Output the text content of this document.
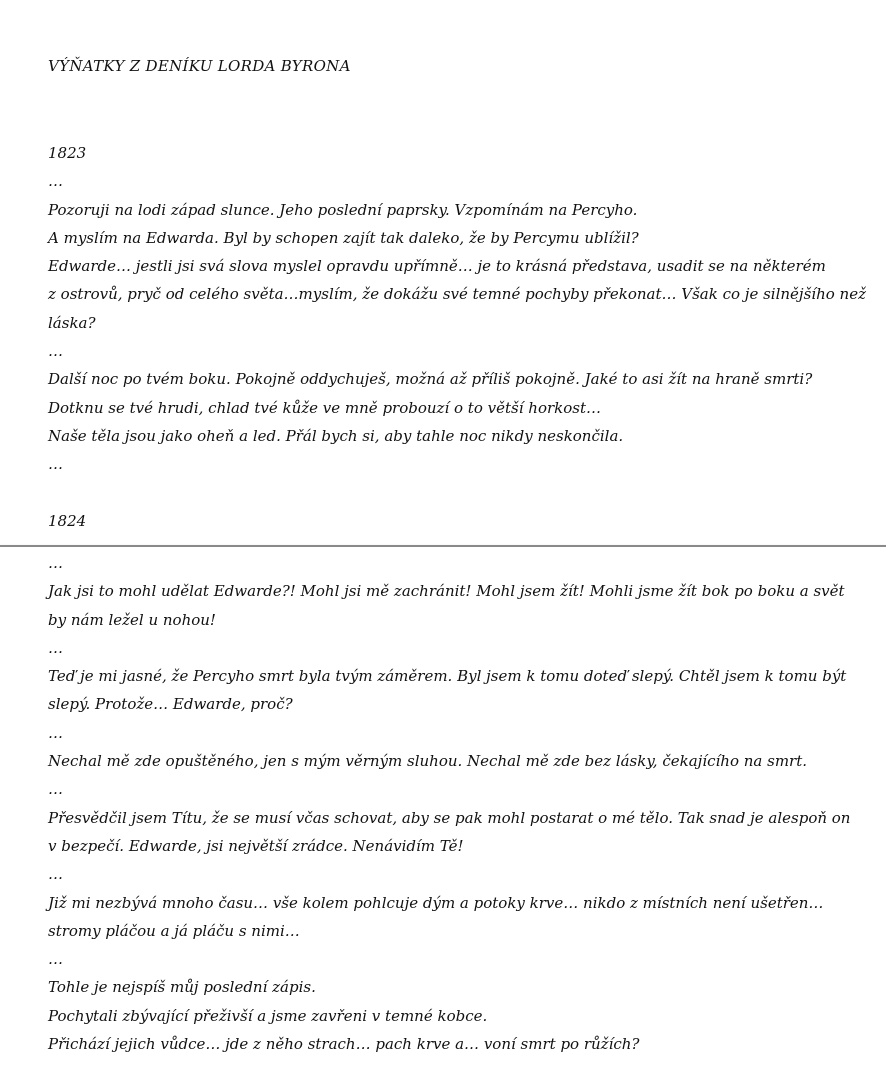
VÝŇATKY Z DENÍKU LORDA BYRONA
1823
…
Pozoruji na lodi západ slunce. Jeho poslední paprsky. Vzpomínám na Percyho.
A myslím na Edwarda. Byl by schopen zajít tak daleko, že by Percymu ublížil?
Edwarde… jestli jsi svá slova myslel opravdu upřímně… je to krásná představa, usadit se na některém
z ostrovů, pryč od celého světa…myslím, že dokážu své temné pochyby překonat… Však co je silnějšího než
láska?
…
Další noc po tvém boku. Pokojně oddychuješ, možná až příliš pokojně. Jaké to asi žít na hraně smrti?
Dotknu se tvé hrudi, chlad tvé kůže ve mně probouzí o to větší horkost…
Naše těla jsou jako oheň a led. Přál bych si, aby tahle noc nikdy neskončila.
…

1824
…
Jak jsi to mohl udělat Edwarde?! Mohl jsi mě zachránit! Mohl jsem žít! Mohli jsme žít bok po boku a svět
by nám ležel u nohou!
…
Teď je mi jasné, že Percyho smrt byla tvým záměrem. Byl jsem k tomu doteď slepý. Chtěl jsem k tomu být
slepý. Protože… Edwarde, proč?
…
Nechal mě zde opuštěného, jen s mým věrným sluhou. Nechal mě zde bez lásky, čekajícího na smrt.
…
Přesvědčil jsem Títu, že se musí včas schovat, aby se pak mohl postarat o mé tělo. Tak snad je alespoň on
v bezpečí. Edwarde, jsi největší zrádce. Nenávidím Tě!
…
Již mi nezbývá mnoho času… vše kolem pohlcuje dým a potoky krve… nikdo z místních není ušetřen…
stromy pláčou a já pláču s nimi…
…
Tohle je nejspíš můj poslední zápis.
Pochytali zbývající přeživší a jsme zavřeni v temné kobce.
Přichází jejich vůdce… jde z něho strach… pach krve a… voní smrt po růžích?
